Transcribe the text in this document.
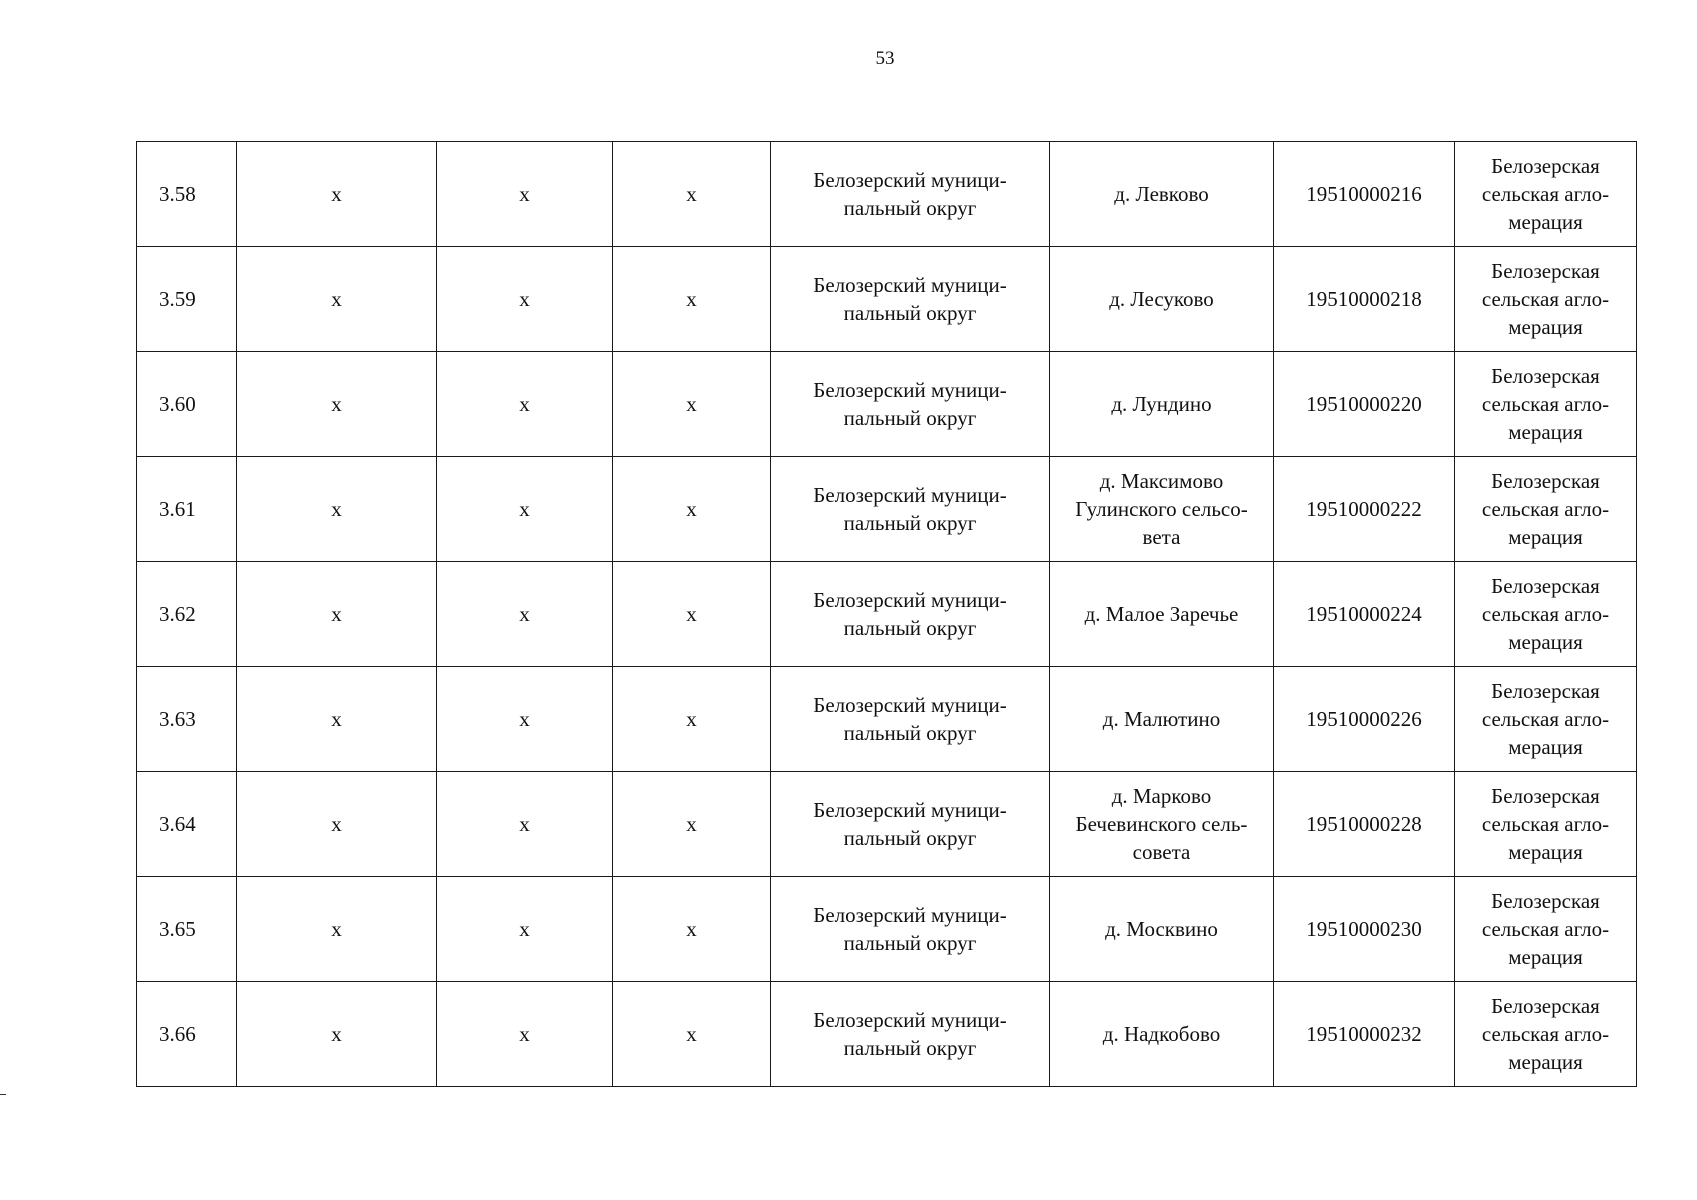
53
3.58	х	х	х	Белозерский муници-
пальный округ	д. Левково	19510000216	Белозерская
сельская агло-
мерация
3.59	х	х	х	Белозерский муници-
пальный округ	д. Лесуково	19510000218	Белозерская
сельская агло-
мерация
3.60	х	х	х	Белозерский муници-
пальный округ	д. Лундино	19510000220	Белозерская
сельская агло-
мерация
3.61	х	х	х	Белозерский муници-
пальный округ	д. Максимово
Гулинского сельсо-
вета	19510000222	Белозерская
сельская агло-
мерация
3.62	х	х	х	Белозерский муници-
пальный округ	д. Малое Заречье	19510000224	Белозерская
сельская агло-
мерация
3.63	х	х	х	Белозерский муници-
пальный округ	д. Малютино	19510000226	Белозерская
сельская агло-
мерация
3.64	х	х	х	Белозерский муници-
пальный округ	д. Марково
Бечевинского сель-
совета	19510000228	Белозерская
сельская агло-
мерация
3.65	х	х	х	Белозерский муници-
пальный округ	д. Москвино	19510000230	Белозерская
сельская агло-
мерация
3.66	х	х	х	Белозерский муници-
пальный округ	д. Надкобово	19510000232	Белозерская
сельская агло-
мерация
